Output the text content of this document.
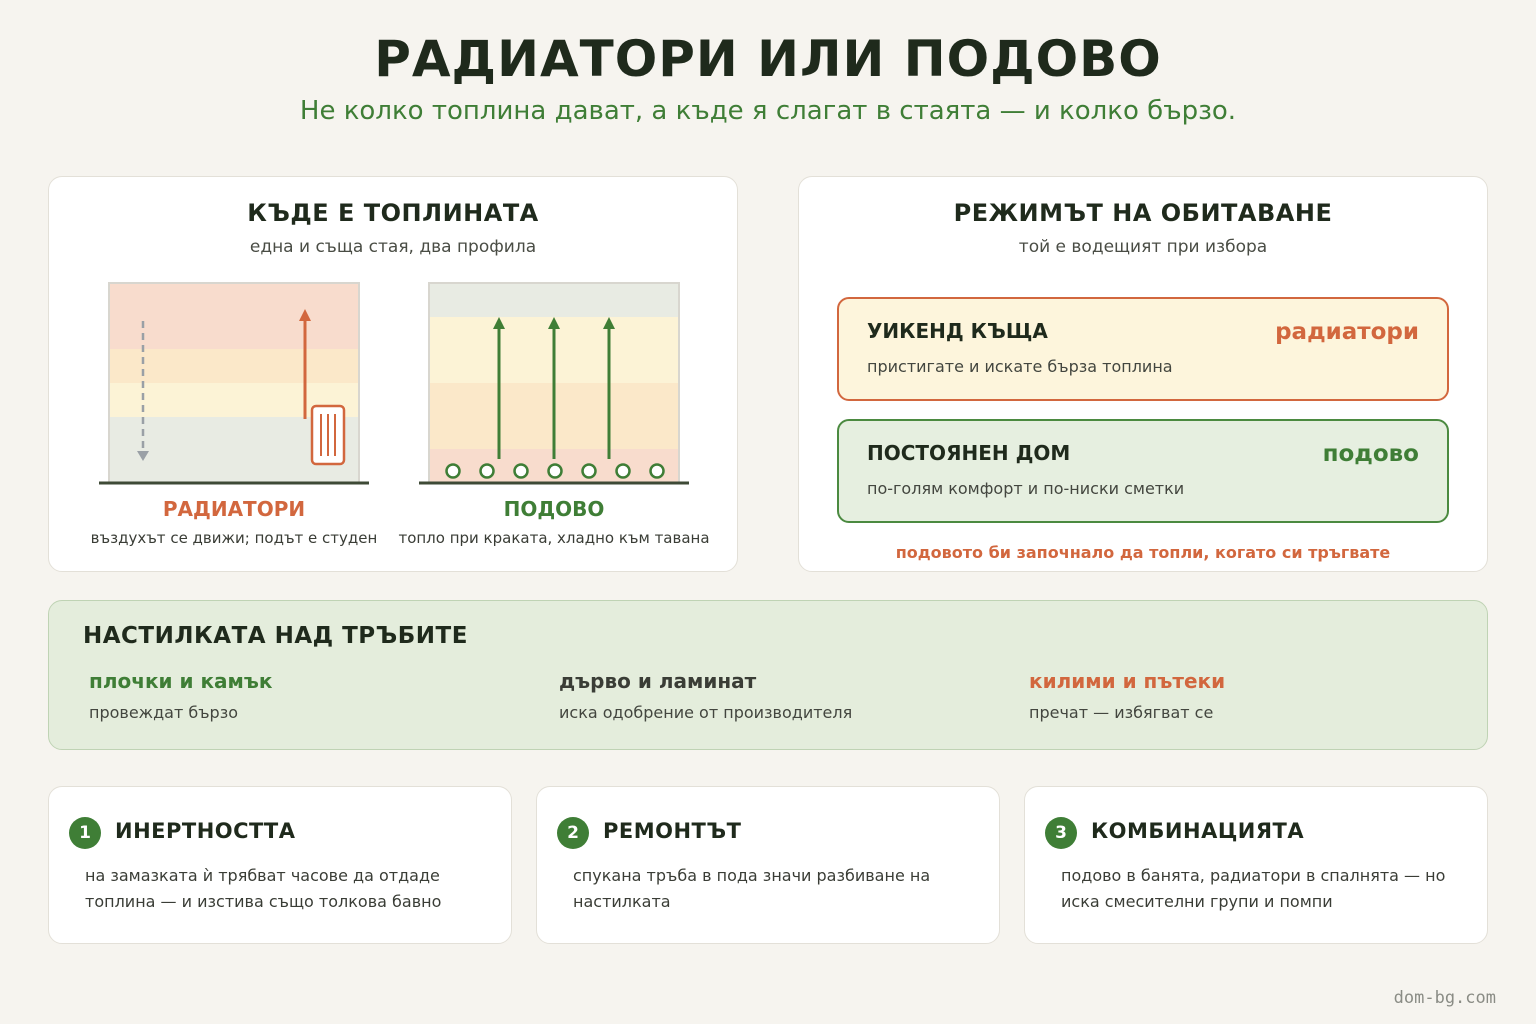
РАДИАТОРИ ИЛИ ПОДОВО
Не колко топлина дават, а къде я слагат в стаята — и колко бързо.
КЪДЕ Е ТОПЛИНАТА
една и съща стая, два профила
РАДИАТОРИ
въздухът се движи; подът е студен
ПОДОВО
топло при краката, хладно към тавана
РЕЖИМЪТ НА ОБИТАВАНЕ
той е водещият при избора
УИКЕНД КЪЩА
пристигате и искате бърза топлина
радиатори
ПОСТОЯНЕН ДОМ
по-голям комфорт и по-ниски сметки
подово
подовото би започнало да топли, когато си тръгвате
НАСТИЛКАТА НАД ТРЪБИТЕ
плочки и камък
провеждат бързо
дърво и ламинат
иска одобрение от производителя
килими и пътеки
пречат — избягват се
1	ИНЕРТНОСТТА
на замазката ѝ трябват часове да отдаде топлина — и изстива също толкова бавно
2	РЕМОНТЪТ
спукана тръба в пода значи разбиване на настилката
3	КОМБИНАЦИЯТА
подово в банята, радиатори в спалнята — но иска смесителни групи и помпи
dom-bg.com
